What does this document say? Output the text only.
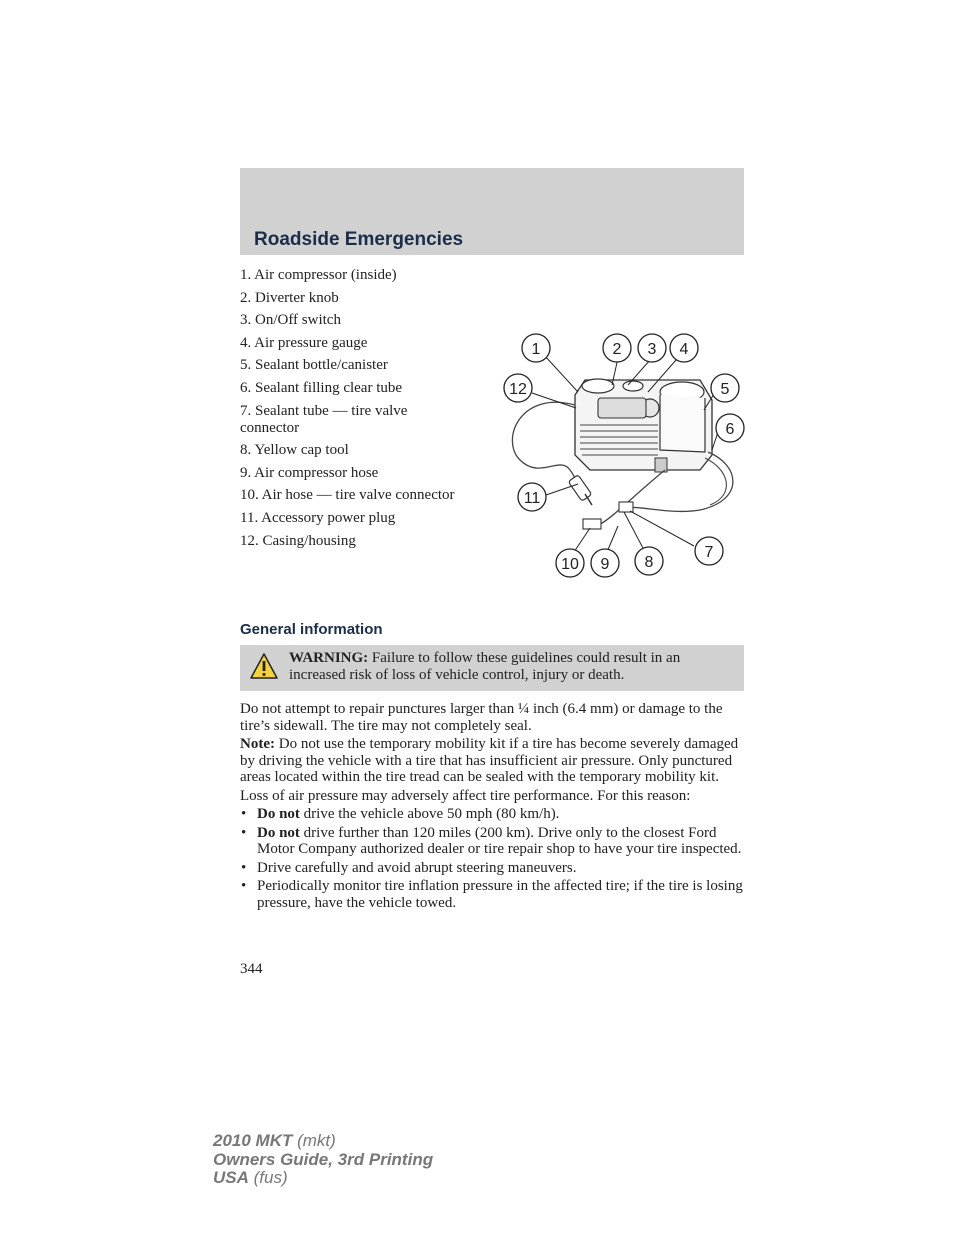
Roadside Emergencies
1. Air compressor (inside)
2. Diverter knob
3. On/Off switch
4. Air pressure gauge
5. Sealant bottle/canister
6. Sealant filling clear tube
7. Sealant tube — tire valve connector
8. Yellow cap tool
9. Air compressor hose
10. Air hose — tire valve connector
11. Accessory power plug
12. Casing/housing
1	2 3 4
5
6
7
8
9
10
11
12
General information
WARNING: Failure to follow these guidelines could result in an increased risk of loss of vehicle control, injury or death.

Do not attempt to repair punctures larger than ¼ inch (6.4 mm) or damage to the tire’s sidewall. The tire may not completely seal.

Note: Do not use the temporary mobility kit if a tire has become severely damaged by driving the vehicle with a tire that has insufficient air pressure. Only punctured areas located within the tire tread can be sealed with the temporary mobility kit.

Loss of air pressure may adversely affect tire performance. For this reason:

• Do not drive the vehicle above 50 mph (80 km/h).
• Do not drive further than 120 miles (200 km). Drive only to the closest Ford Motor Company authorized dealer or tire repair shop to have your tire inspected.
• Drive carefully and avoid abrupt steering maneuvers.
• Periodically monitor tire inflation pressure in the affected tire; if the tire is losing pressure, have the vehicle towed.
344
2010 MKT (mkt)
Owners Guide, 3rd Printing
USA (fus)
